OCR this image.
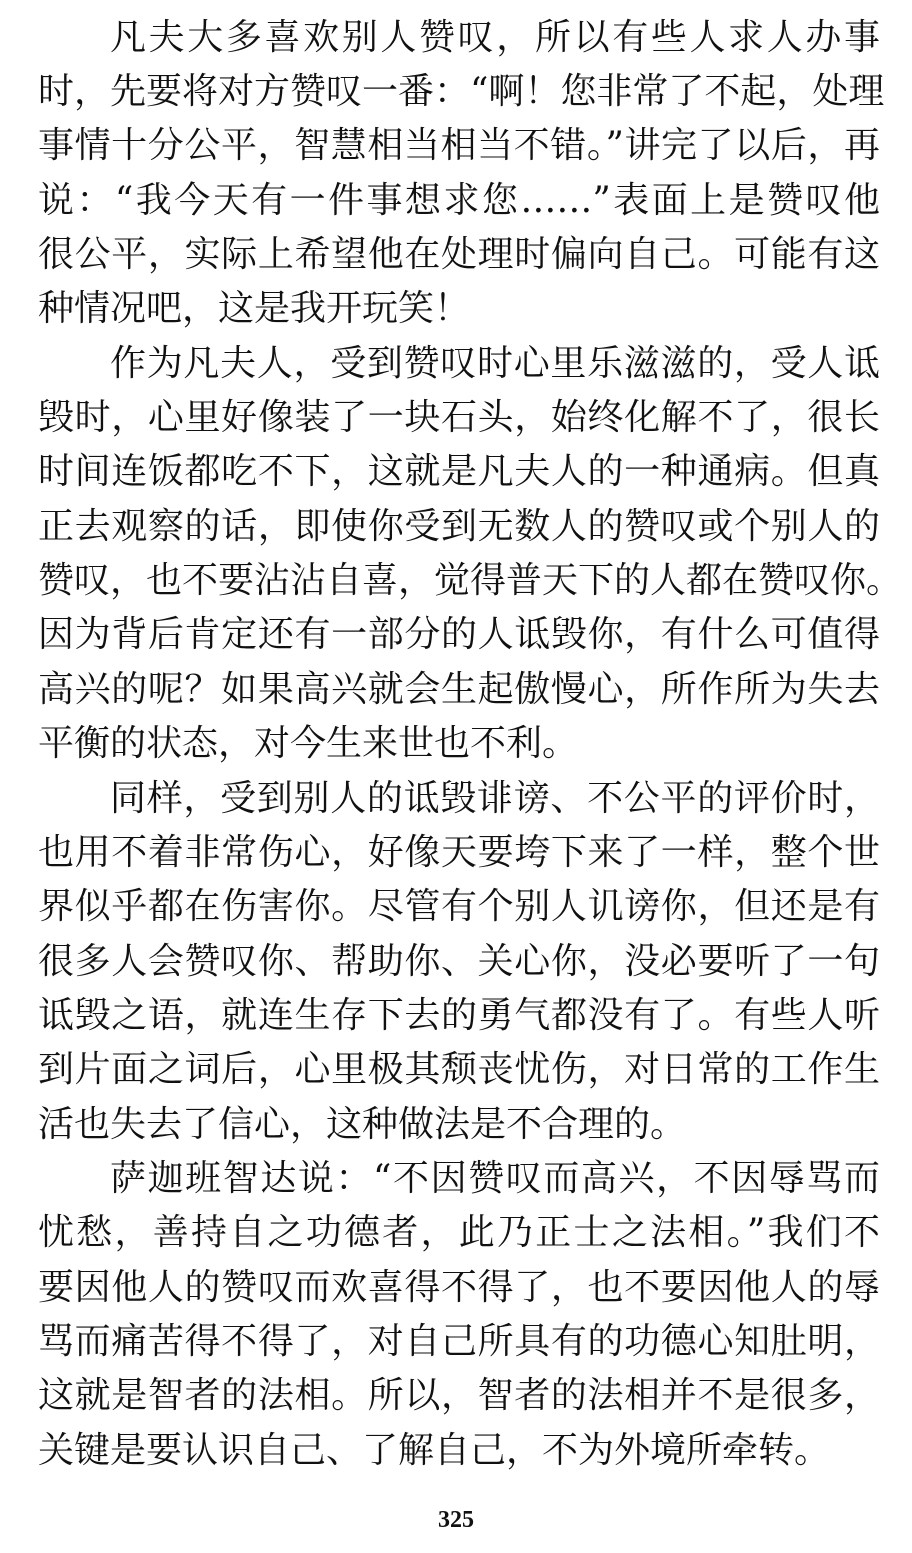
凡夫大多喜欢别人赞叹，所以有些人求人办事

时，先要将对方赞叹一番：“啊！您非常了不起，处理

事情十分公平，智慧相当相当不错。”讲完了以后，再

说：“我今天有一件事想求您……”表面上是赞叹他

很公平，实际上希望他在处理时偏向自己。可能有这

种情况吧，这是我开玩笑！

作为凡夫人，受到赞叹时心里乐滋滋的，受人诋

毁时，心里好像装了一块石头，始终化解不了，很长

时间连饭都吃不下，这就是凡夫人的一种通病。但真

正去观察的话，即使你受到无数人的赞叹或个别人的

赞叹，也不要沾沾自喜，觉得普天下的人都在赞叹你。

因为背后肯定还有一部分的人诋毁你，有什么可值得

高兴的呢？如果高兴就会生起傲慢心，所作所为失去

平衡的状态，对今生来世也不利。

同样，受到别人的诋毁诽谤、不公平的评价时，

也用不着非常伤心，好像天要垮下来了一样，整个世

界似乎都在伤害你。尽管有个别人讥谤你，但还是有

很多人会赞叹你、帮助你、关心你，没必要听了一句

诋毁之语，就连生存下去的勇气都没有了。有些人听

到片面之词后，心里极其颓丧忧伤，对日常的工作生

活也失去了信心，这种做法是不合理的。

萨迦班智达说：“不因赞叹而高兴，不因辱骂而

忧愁，善持自之功德者，此乃正士之法相。”我们不

要因他人的赞叹而欢喜得不得了，也不要因他人的辱

骂而痛苦得不得了，对自己所具有的功德心知肚明，

这就是智者的法相。所以，智者的法相并不是很多，

关键是要认识自己、了解自己，不为外境所牵转。

325
